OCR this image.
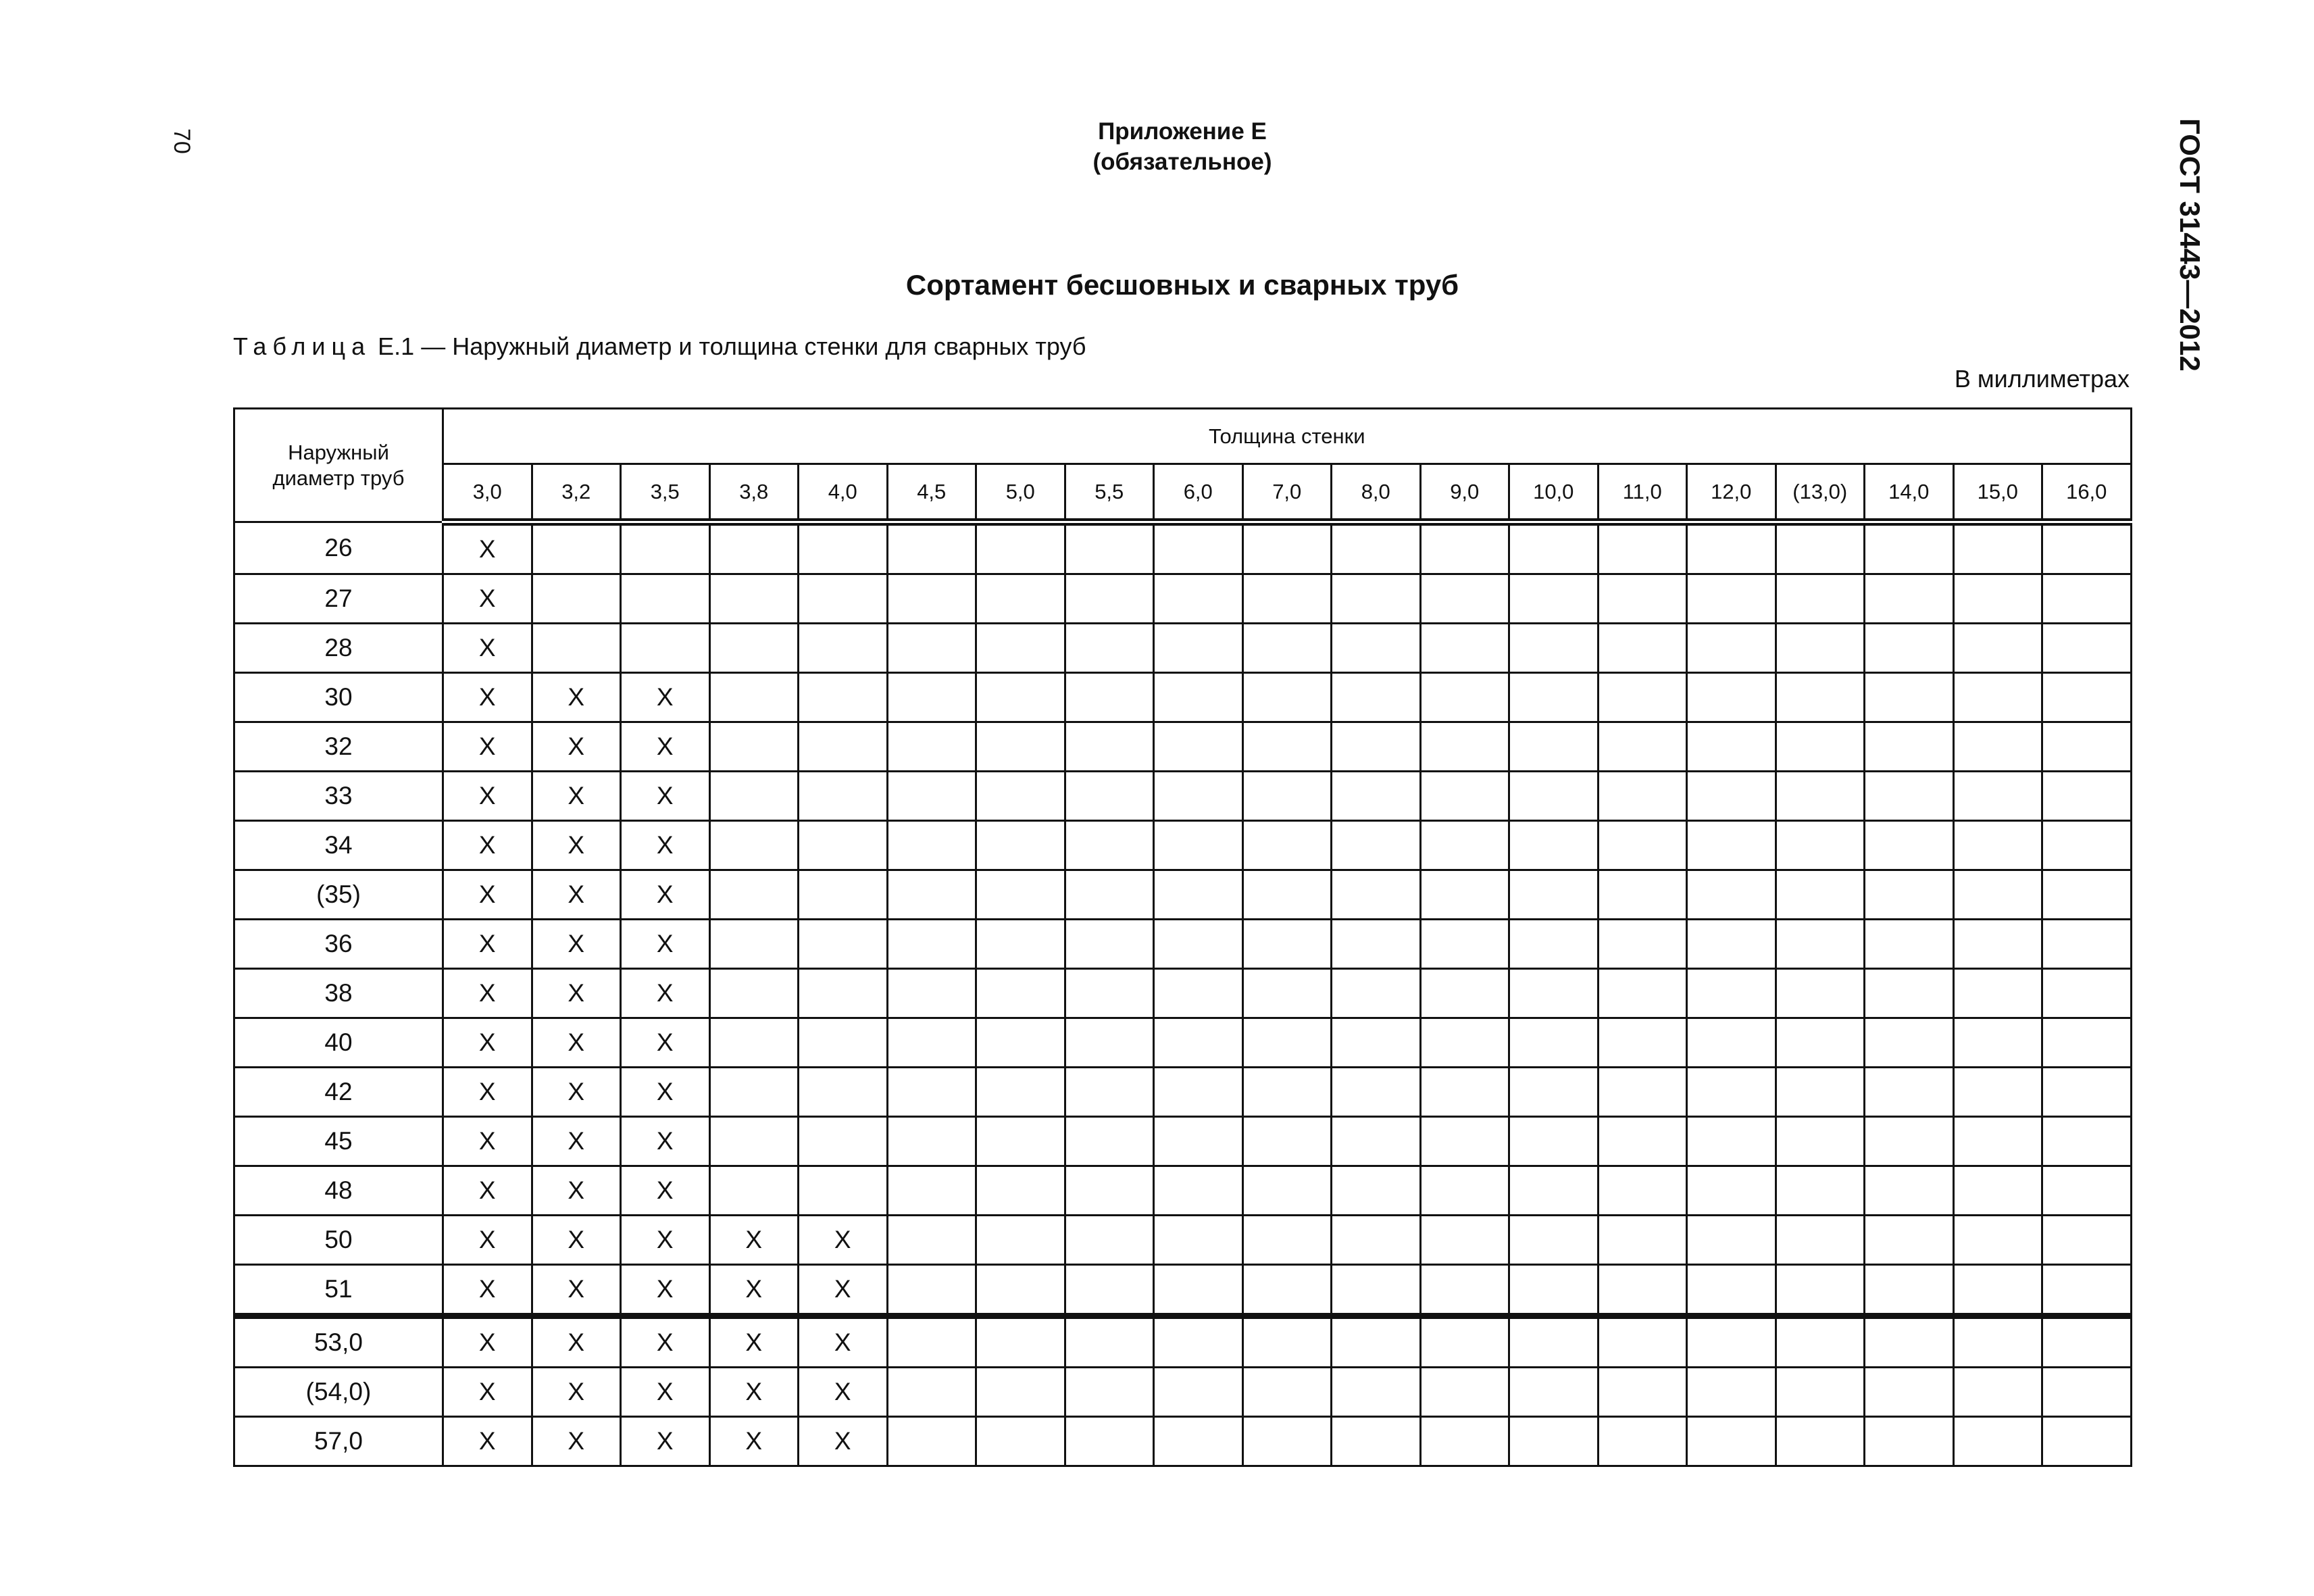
70	ГОСТ 31443—2012
Приложение Е
(обязательное)
Сортамент бесшовных и сварных труб
Таблица Е.1 — Наружный диаметр и толщина стенки для сварных труб
В миллиметрах
Наружный диаметр труб	Толщина стенки																		
	3,0	3,2	3,5	3,8	4,0	4,5	5,0	5,5	6,0	7,0	8,0	9,0	10,0	11,0	12,0	(13,0)	14,0	15,0	16,0
26	X																		
27	X																		
28	X																		
30	X	X	X																
32	X	X	X																
33	X	X	X																
34	X	X	X																
(35)	X	X	X																
36	X	X	X																
38	X	X	X																
40	X	X	X																
42	X	X	X																
45	X	X	X																
48	X	X	X																
50	X	X	X	X	X														
51	X	X	X	X	X														
53,0	X	X	X	X	X														
(54,0)	X	X	X	X	X														
57,0	X	X	X	X	X														
